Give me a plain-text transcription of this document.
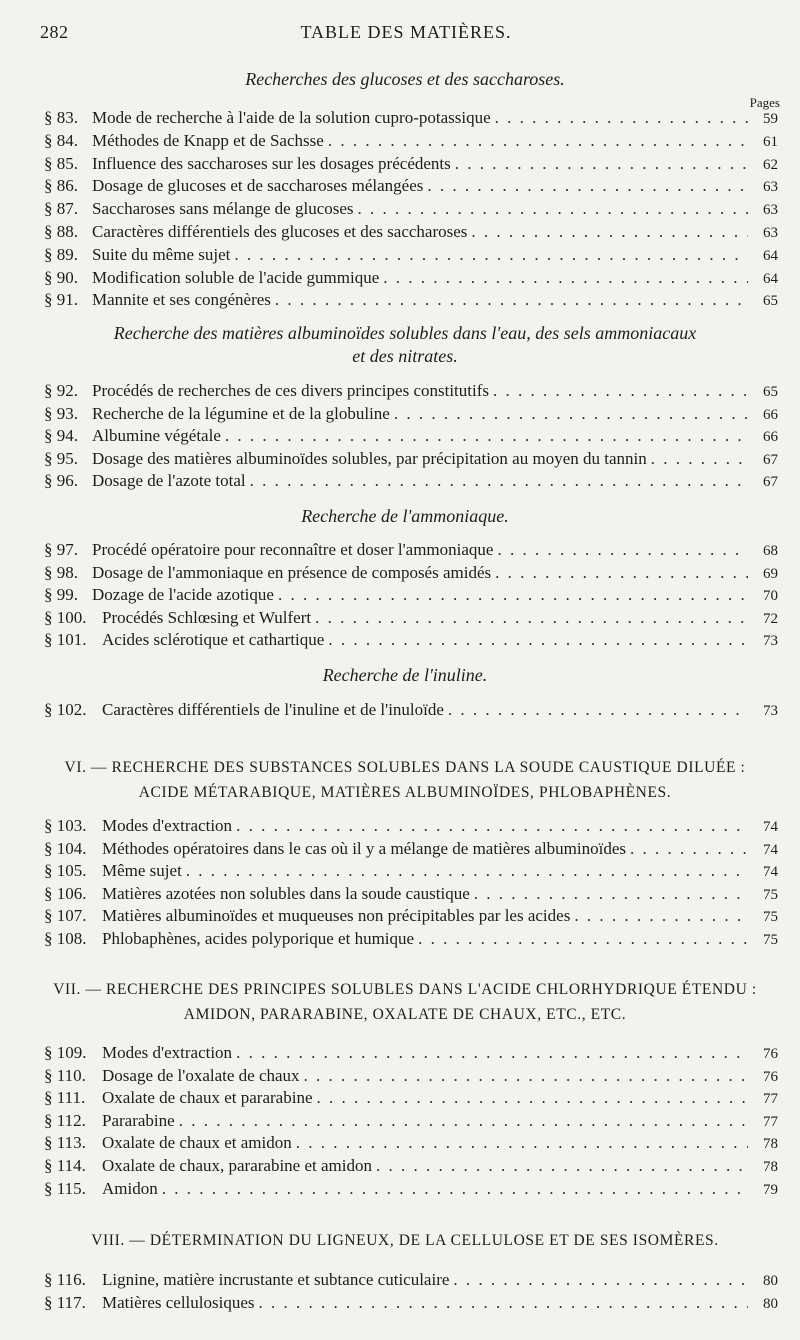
282	TABLE DES MATIÈRES.
Pages
Recherches des glucoses et des saccharoses.
§ 83. Mode de recherche à l'aide de la solution cupro-potassique . . .	59
§ 84. Méthodes de Knapp et de Sachsse . . .	61
§ 85. Influence des saccharoses sur les dosages précédents . . .	62
§ 86. Dosage de glucoses et de saccharoses mélangées . . .	63
§ 87. Saccharoses sans mélange de glucoses . . .	63
§ 88. Caractères différentiels des glucoses et des saccharoses . . .	63
§ 89. Suite du même sujet . . .	64
§ 90. Modification soluble de l'acide gummique . . .	64
§ 91. Mannite et ses congénères . . .	65
Recherche des matières albuminoïdes solubles dans l'eau, des sels ammoniacaux
et des nitrates.
§ 92. Procédés de recherches de ces divers principes constitutifs . . .	65
§ 93. Recherche de la légumine et de la globuline . . .	66
§ 94. Albumine végétale . . .	66
§ 95. Dosage des matières albuminoïdes solubles, par précipitation au moyen du tannin . . .	67
§ 96. Dosage de l'azote total . . .	67
Recherche de l'ammoniaque.
§ 97. Procédé opératoire pour reconnaître et doser l'ammoniaque . . .	68
§ 98. Dosage de l'ammoniaque en présence de composés amidés . . .	69
§ 99. Dozage de l'acide azotique . . .	70
§ 100. Procédés Schlœsing et Wulfert . . .	72
§ 101. Acides sclérotique et cathartique . . .	73
Recherche de l'inuline.
§ 102. Caractères différentiels de l'inuline et de l'inuloïde . . .	73
VI. — RECHERCHE DES SUBSTANCES SOLUBLES DANS LA SOUDE CAUSTIQUE DILUÉE :
ACIDE MÉTARABIQUE, MATIÈRES ALBUMINOÏDES, PHLOBAPHÈNES.
§ 103. Modes d'extraction . . .	74
§ 104. Méthodes opératoires dans le cas où il y a mélange de matières albuminoïdes . . .	74
§ 105. Même sujet . . .	74
§ 106. Matières azotées non solubles dans la soude caustique . . .	75
§ 107. Matières albuminoïdes et muqueuses non précipitables par les acides . . .	75
§ 108. Phlobaphènes, acides polyporique et humique . . .	75
VII. — RECHERCHE DES PRINCIPES SOLUBLES DANS L'ACIDE CHLORHYDRIQUE ÉTENDU :
AMIDON, PARARABINE, OXALATE DE CHAUX, ETC., ETC.
§ 109. Modes d'extraction . . .	76
§ 110. Dosage de l'oxalate de chaux . . .	76
§ 111. Oxalate de chaux et pararabine . . .	77
§ 112. Pararabine . . .	77
§ 113. Oxalate de chaux et amidon . . .	78
§ 114. Oxalate de chaux, pararabine et amidon . . .	78
§ 115. Amidon . . .	79
VIII. — DÉTERMINATION DU LIGNEUX, DE LA CELLULOSE ET DE SES ISOMÈRES.
§ 116. Lignine, matière incrustante et subtance cuticulaire . . .	80
§ 117. Matières cellulosiques . . .	80
